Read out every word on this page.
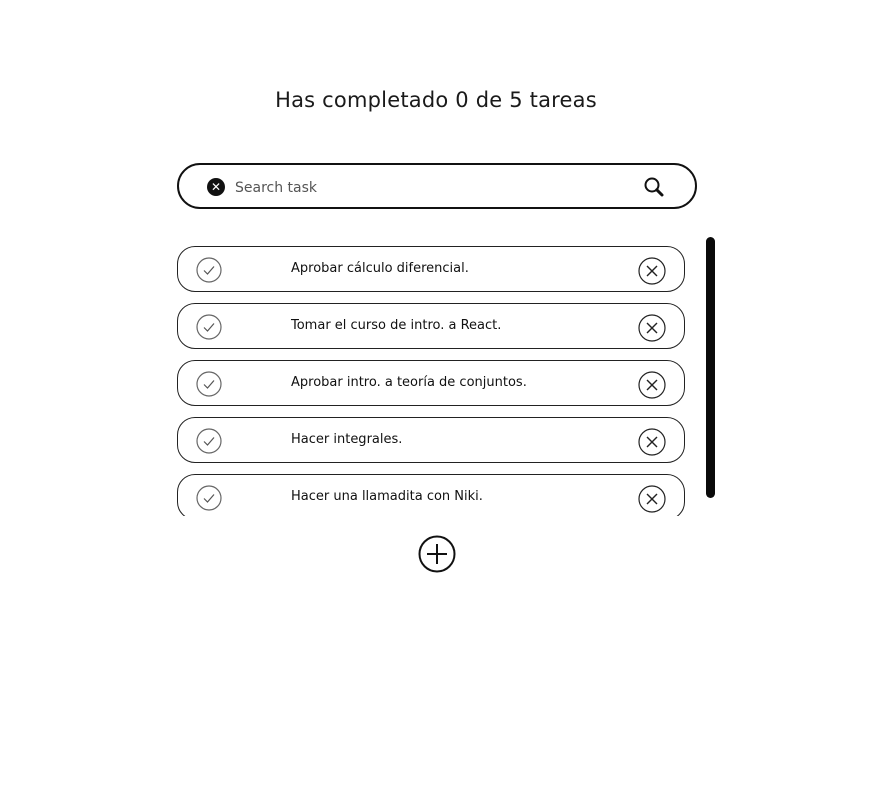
Has completado 0 de 5 tareas
✕
Search task
Aprobar cálculo diferencial.
Tomar el curso de intro. a React.
Aprobar intro. a teoría de conjuntos.
Hacer integrales.
Hacer una llamadita con Niki.
